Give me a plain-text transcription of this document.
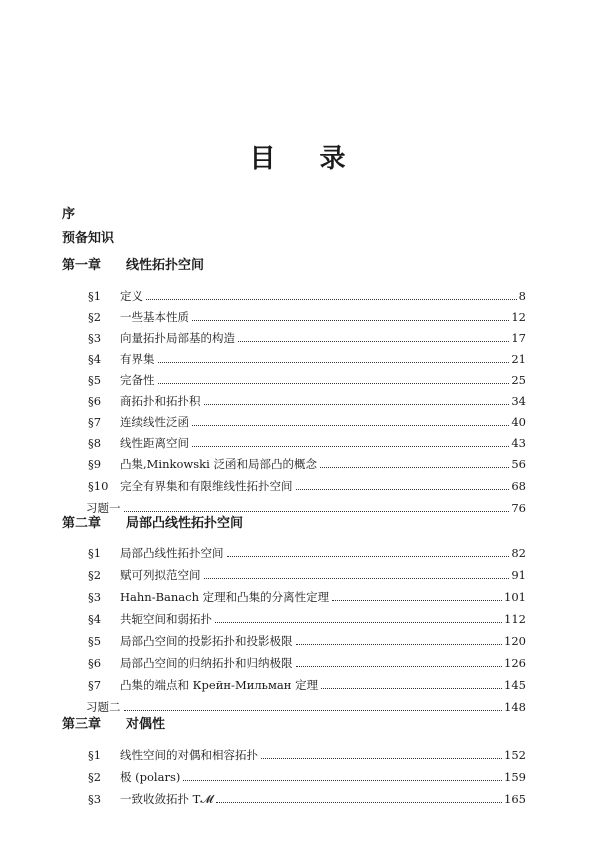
目 录
序
预备知识
第一章 线性拓扑空间
§1	定义	8
§2	一些基本性质	12
§3	向量拓扑局部基的构造	17
§4	有界集	21
§5	完备性	25
§6	商拓扑和拓扑积	34
§7	连续线性泛函	40
§8	线性距离空间	43
§9	凸集,Minkowski 泛函和局部凸的概念	56
§10	完全有界集和有限维线性拓扑空间	68
习题一	76
第二章 局部凸线性拓扑空间
§1	局部凸线性拓扑空间	82
§2	赋可列拟范空间	91
§3	Hahn-Banach 定理和凸集的分离性定理	101
§4	共轭空间和弱拓扑	112
§5	局部凸空间的投影拓扑和投影极限	120
§6	局部凸空间的归纳拓扑和归纳极限	126
§7	凸集的端点和 Крейн-Мильман 定理	145
习题二	148
第三章 对偶性
§1	线性空间的对偶和相容拓扑	152
§2	极 (polars)	159
§3	一致收敛拓扑 T𝓜	165
